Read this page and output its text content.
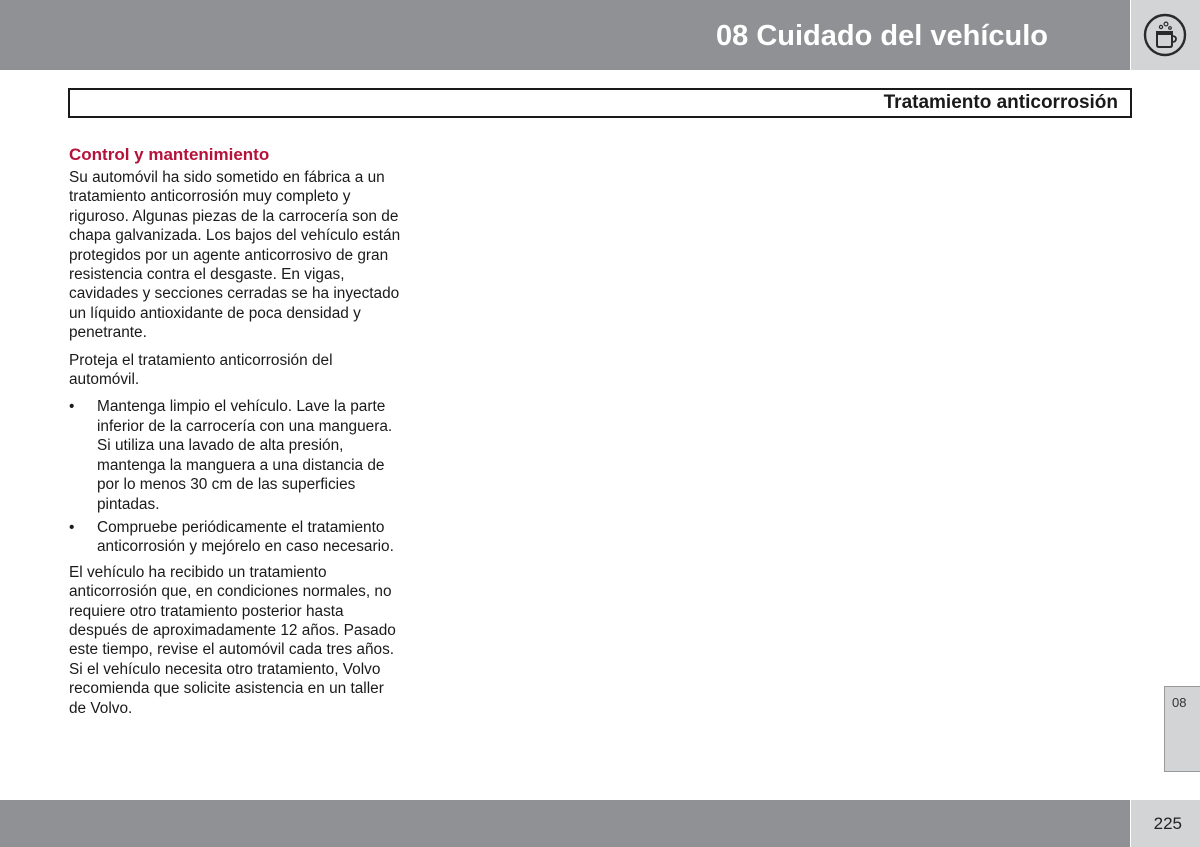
08 Cuidado del vehículo
Tratamiento anticorrosión
Control y mantenimiento

Su automóvil ha sido sometido en fábrica a un tratamiento anticorrosión muy completo y riguroso. Algunas piezas de la carrocería son de chapa galvanizada. Los bajos del vehículo están protegidos por un agente anticorrosivo de gran resistencia contra el desgaste. En vigas, cavidades y secciones cerradas se ha inyectado un líquido antioxidante de poca densidad y penetrante.

Proteja el tratamiento anticorrosión del automóvil.

• Mantenga limpio el vehículo. Lave la parte inferior de la carrocería con una manguera. Si utiliza una lavado de alta presión, mantenga la manguera a una distancia de por lo menos 30 cm de las superficies pintadas.
• Compruebe periódicamente el tratamiento anticorrosión y mejórelo en caso necesario.

El vehículo ha recibido un tratamiento anticorrosión que, en condiciones normales, no requiere otro tratamiento posterior hasta después de aproximadamente 12 años. Pasado este tiempo, revise el automóvil cada tres años. Si el vehículo necesita otro tratamiento, Volvo recomienda que solicite asistencia en un taller de Volvo.	08
225
